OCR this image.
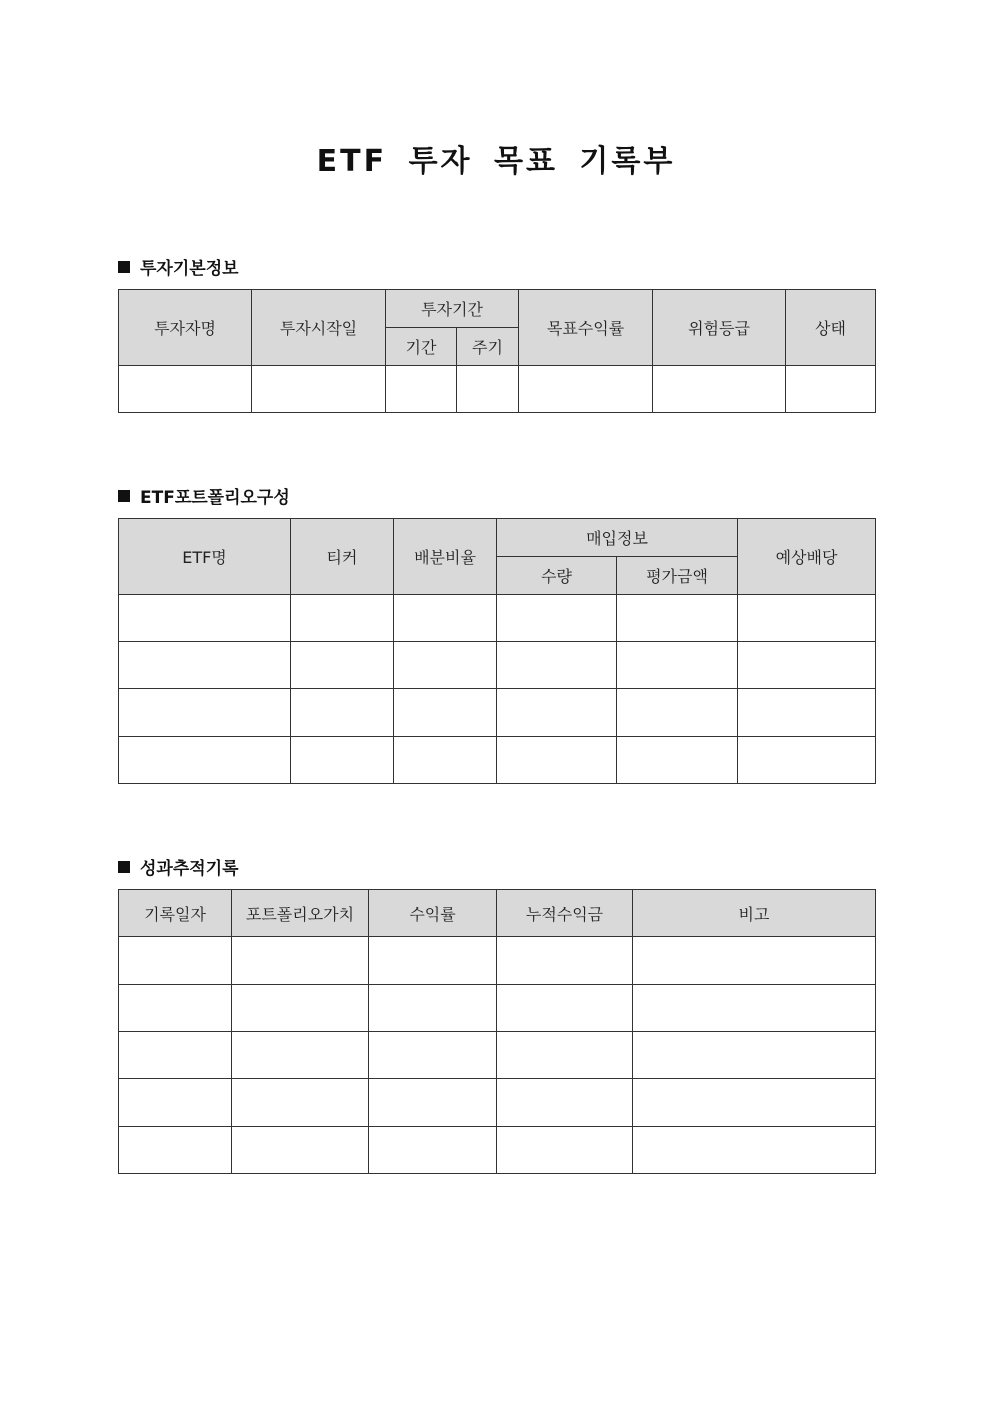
ETF 투자 목표 기록부
투자기본정보
투자자명	투자시작일	투자기간		목표수익률	위험등급	상태
		기간	주기			

ETF포트폴리오구성
ETF명	티커	배분비율	매입정보		예상배당
			수량	평가금액	

성과추적기록
기록일자	포트폴리오가치	수익률	누적수익금	비고
